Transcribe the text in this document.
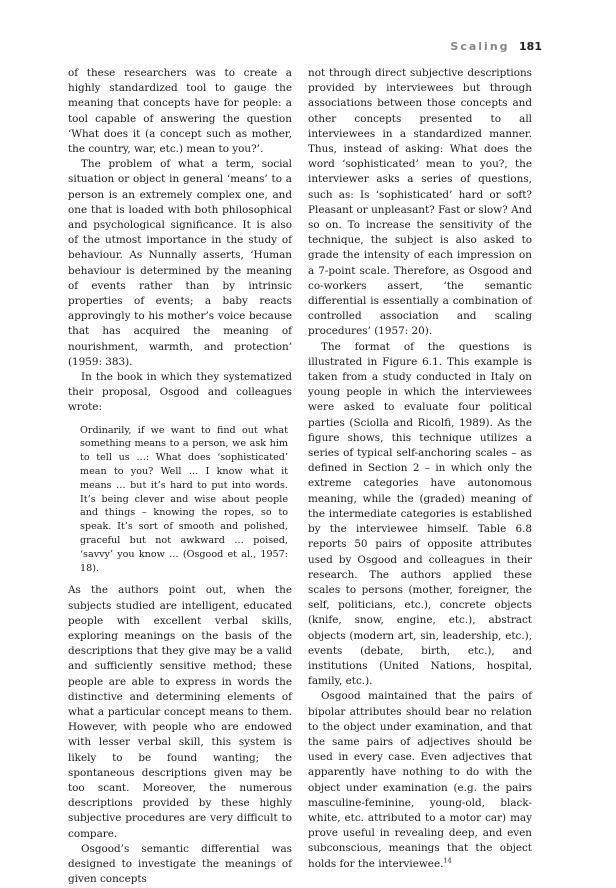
Scaling 181

of these researchers was to create a highly standardized tool to gauge the meaning that concepts have for people: a tool capable of answering the question ‘What does it (a concept such as mother, the country, war, etc.) mean to you?’.

The problem of what a term, social situation or object in general ‘means’ to a person is an extremely complex one, and one that is loaded with both philosophical and psychological significance. It is also of the utmost importance in the study of behaviour. As Nunnally asserts, ‘Human behaviour is determined by the meaning of events rather than by intrinsic properties of events; a baby reacts approvingly to his mother’s voice because that has acquired the meaning of nourishment, warmth, and protection’ (1959: 383).

In the book in which they systematized their proposal, Osgood and colleagues wrote:

Ordinarily, if we want to find out what something means to a person, we ask him to tell us …: What does ‘sophisticated’ mean to you? Well … I know what it means … but it’s hard to put into words. It’s being clever and wise about people and things – knowing the ropes, so to speak. It’s sort of smooth and polished, graceful but not awkward … poised, ‘savvy’ you know … (Osgood et al., 1957: 18).

As the authors point out, when the subjects studied are intelligent, educated people with excellent verbal skills, exploring meanings on the basis of the descriptions that they give may be a valid and sufficiently sensitive method; these people are able to express in words the distinctive and determining elements of what a particular concept means to them. However, with people who are endowed with lesser verbal skill, this system is likely to be found wanting; the spontaneous descriptions given may be too scant. Moreover, the numerous descriptions provided by these highly subjective procedures are very difficult to compare.

Osgood’s semantic differential was designed to investigate the meanings of given concepts

not through direct subjective descriptions provided by interviewees but through associations between those concepts and other concepts presented to all interviewees in a standardized manner. Thus, instead of asking: What does the word ‘sophisticated’ mean to you?, the interviewer asks a series of questions, such as: Is ‘sophisticated’ hard or soft? Pleasant or unpleasant? Fast or slow? And so on. To increase the sensitivity of the technique, the subject is also asked to grade the intensity of each impression on a 7-point scale. Therefore, as Osgood and co-workers assert, ‘the semantic differential is essentially a combination of controlled association and scaling procedures’ (1957: 20).

The format of the questions is illustrated in Figure 6.1. This example is taken from a study conducted in Italy on young people in which the interviewees were asked to evaluate four political parties (Sciolla and Ricolfi, 1989). As the figure shows, this technique utilizes a series of typical self-anchoring scales – as defined in Section 2 – in which only the extreme categories have autonomous meaning, while the (graded) meaning of the intermediate categories is established by the interviewee himself. Table 6.8 reports 50 pairs of opposite attributes used by Osgood and colleagues in their research. The authors applied these scales to persons (mother, foreigner, the self, politicians, etc.), concrete objects (knife, snow, engine, etc.), abstract objects (modern art, sin, leadership, etc.), events (debate, birth, etc.), and institutions (United Nations, hospital, family, etc.).

Osgood maintained that the pairs of bipolar attributes should bear no relation to the object under examination, and that the same pairs of adjectives should be used in every case. Even adjectives that apparently have nothing to do with the object under examination (e.g. the pairs masculine-feminine, young-old, black-white, etc. attributed to a motor car) may prove useful in revealing deep, and even subconscious, meanings that the object holds for the interviewee.$^{14}$
